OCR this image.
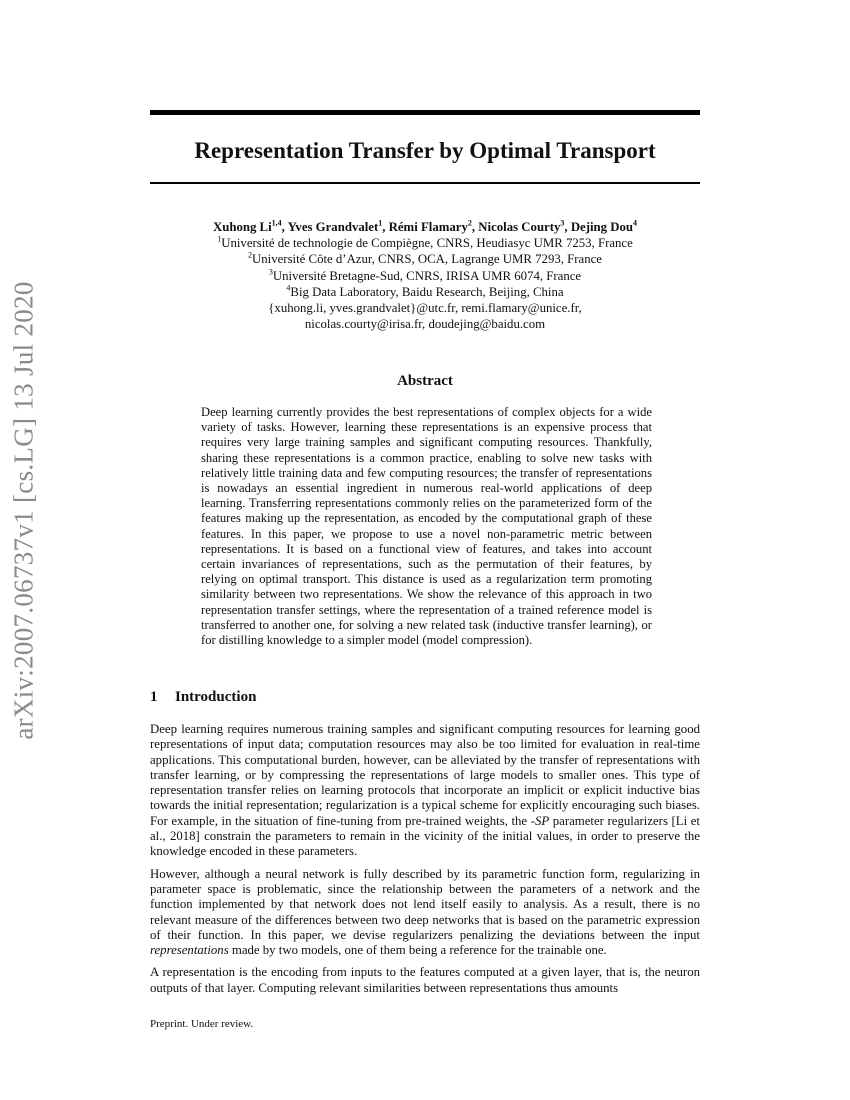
arXiv:2007.06737v1 [cs.LG] 13 Jul 2020
Representation Transfer by Optimal Transport
Xuhong Li$^{1,4}$, Yves Grandvalet$^1$, Rémi Flamary$^2$, Nicolas Courty$^3$, Dejing Dou$^4$
$^1$Université de technologie de Compiègne, CNRS, Heudiasyc UMR 7253, France
$^2$Université Côte d’Azur, CNRS, OCA, Lagrange UMR 7293, France
$^3$Université Bretagne-Sud, CNRS, IRISA UMR 6074, France
$^4$Big Data Laboratory, Baidu Research, Beijing, China
{xuhong.li, yves.grandvalet}@utc.fr, remi.flamary@unice.fr,
nicolas.courty@irisa.fr, doudejing@baidu.com
Abstract

Deep learning currently provides the best representations of complex objects for a wide variety of tasks. However, learning these representations is an expensive process that requires very large training samples and significant computing resources. Thankfully, sharing these representations is a common practice, enabling to solve new tasks with relatively little training data and few computing resources; the transfer of representations is nowadays an essential ingredient in numerous real-world applications of deep learning. Transferring representations commonly relies on the parameterized form of the features making up the representation, as encoded by the computational graph of these features. In this paper, we propose to use a novel non-parametric metric between representations. It is based on a functional view of features, and takes into account certain invariances of representations, such as the permutation of their features, by relying on optimal transport. This distance is used as a regularization term promoting similarity between two representations. We show the relevance of this approach in two representation transfer settings, where the representation of a trained reference model is transferred to another one, for solving a new related task (inductive transfer learning), or for distilling knowledge to a simpler model (model compression).

1 Introduction

Deep learning requires numerous training samples and significant computing resources for learning good representations of input data; computation resources may also be too limited for evaluation in real-time applications. This computational burden, however, can be alleviated by the transfer of representations with transfer learning, or by compressing the representations of large models to smaller ones. This type of representation transfer relies on learning protocols that incorporate an implicit or explicit inductive bias towards the initial representation; regularization is a typical scheme for explicitly encouraging such biases. For example, in the situation of fine-tuning from pre-trained weights, the -SP parameter regularizers [Li et al., 2018] constrain the parameters to remain in the vicinity of the initial values, in order to preserve the knowledge encoded in these parameters.

However, although a neural network is fully described by its parametric function form, regularizing in parameter space is problematic, since the relationship between the parameters of a network and the function implemented by that network does not lend itself easily to analysis. As a result, there is no relevant measure of the differences between two deep networks that is based on the parametric expression of their function. In this paper, we devise regularizers penalizing the deviations between the input representations made by two models, one of them being a reference for the trainable one.

A representation is the encoding from inputs to the features computed at a given layer, that is, the neuron outputs of that layer. Computing relevant similarities between representations thus amounts

Preprint. Under review.
